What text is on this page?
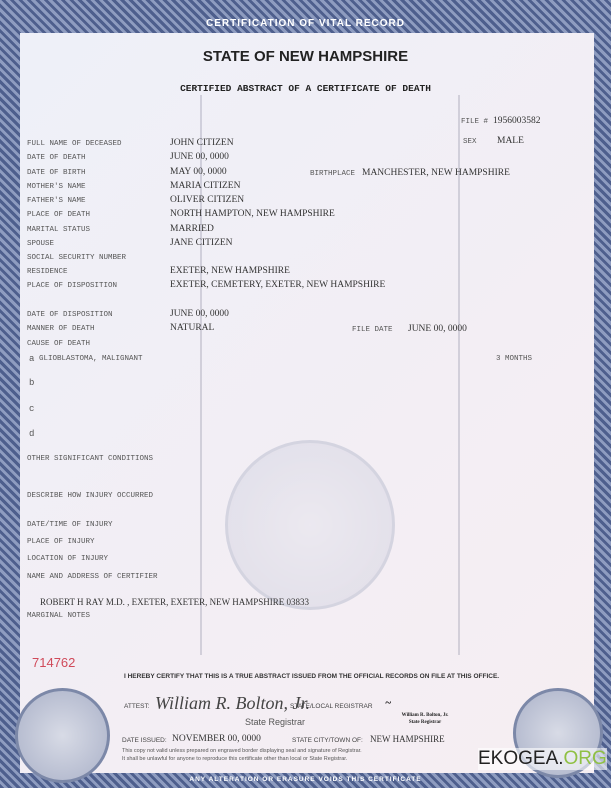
CERTIFICATION OF VITAL RECORD
STATE OF NEW HAMPSHIRE
CERTIFIED ABSTRACT OF A CERTIFICATE OF DEATH
FILE # 1956003582
SEX MALE
BIRTHPLACE MANCHESTER, NEW HAMPSHIRE
FULL NAME OF DECEASED	JOHN CITIZEN
DATE OF DEATH	JUNE 00, 0000
DATE OF BIRTH	MAY 00, 0000
MOTHER'S NAME	MARIA CITIZEN
FATHER'S NAME	OLIVER CITIZEN
PLACE OF DEATH	NORTH HAMPTON, NEW HAMPSHIRE
MARITAL STATUS	MARRIED
SPOUSE	JANE CITIZEN
SOCIAL SECURITY NUMBER
RESIDENCE	EXETER, NEW HAMPSHIRE
PLACE OF DISPOSITION	EXETER, CEMETERY, EXETER, NEW HAMPSHIRE
DATE OF DISPOSITION	JUNE 00, 0000
MANNER OF DEATH	NATURAL
CAUSE OF DEATH
FILE DATE JUNE 00, 0000
a GLIOBLASTOMA, MALIGNANT	3 MONTHS
b
c
d
OTHER SIGNIFICANT CONDITIONS
DESCRIBE HOW INJURY OCCURRED
DATE/TIME OF INJURY
PLACE OF INJURY
LOCATION OF INJURY
NAME AND ADDRESS OF CERTIFIER
ROBERT H RAY M.D. , EXETER, EXETER, NEW HAMPSHIRE 03833
MARGINAL NOTES
714762
I HEREBY CERTIFY THAT THIS IS A TRUE ABSTRACT ISSUED FROM THE OFFICIAL RECORDS ON FILE AT THIS OFFICE.
ATTEST: William R. Bolton, Jr.
STATE/LOCAL REGISTRAR ~
William R. Bolton, Jr.
State Registrar
State Registrar
DATE ISSUED: NOVEMBER 00, 0000	STATE CITY/TOWN OF: NEW HAMPSHIRE
This copy not valid unless prepared on engraved border displaying seal and signature of Registrar.
It shall be unlawful for anyone to reproduce this certificate other than local or State Registrar.
ANY ALTERATION OR ERASURE VOIDS THIS CERTIFICATE
EKOGEA.ORG
